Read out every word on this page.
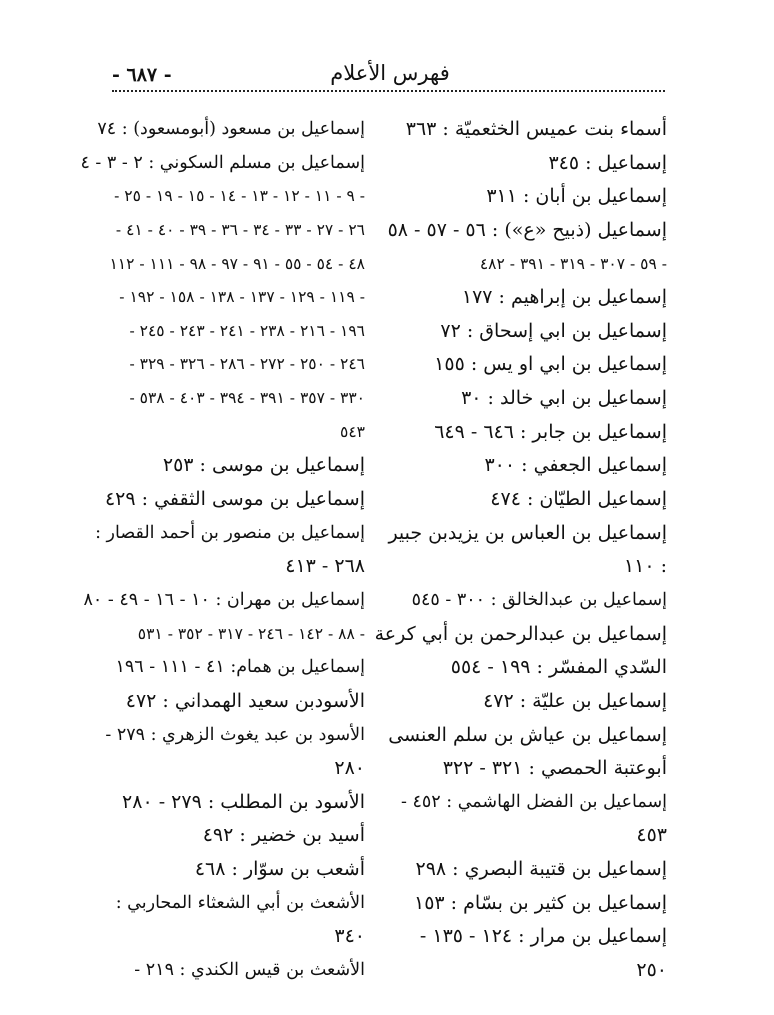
- ٦٨٧ -	فهرس الأعلام
أسماء بنت عميس الخثعميّة : ٣٦٣
إسماعيل : ٣٤٥
إسماعيل بن أبان : ٣١١
إسماعيل (ذبيح «ع») : ٥٦ - ٥٧ - ٥٨
- ٥٩ - ٣٠٧ - ٣١٩ - ٣٩١ - ٤٨٢
إسماعيل بن إبراهيم : ١٧٧
إسماعيل بن ابي إسحاق : ٧٢
إسماعيل بن ابي او يس : ١٥٥
إسماعيل بن ابي خالد : ٣٠
إسماعيل بن جابر : ٦٤٦ - ٦٤٩
إسماعيل الجعفي : ٣٠٠
إسماعيل الطيّان : ٤٧٤
إسماعيل بن العباس بن يزيدبن جبير
: ١١٠
إسماعيل بن عبدالخالق : ٣٠٠ - ٥٤٥
إسماعيل بن عبدالرحمن بن أبي كرعة
السّدي المفسّر : ١٩٩ - ٥٥٤
إسماعيل بن عليّة : ٤٧٢
إسماعيل بن عياش بن سلم العنسى
أبوعتبة الحمصي : ٣٢١ - ٣٢٢
إسماعيل بن الفضل الهاشمي : ٤٥٢ -
٤٥٣
إسماعيل بن قتيبة البصري : ٢٩٨
إسماعيل بن كثير بن بسّام : ١٥٣
إسماعيل بن مرار : ١٢٤ - ١٣٥ -
٢٥٠
إسماعيل بن مسعود (أبومسعود) : ٧٤
إسماعيل بن مسلم السكوني : ٢ - ٣ - ٤
- ٩ - ١١ - ١٢ - ١٣ - ١٤ - ١٥ - ١٩ - ٢٥ -
٢٦ - ٢٧ - ٣٣ - ٣٤ - ٣٦ - ٣٩ - ٤٠ - ٤١ -
٤٨ - ٥٤ - ٥٥ - ٩١ - ٩٧ - ٩٨ - ١١١ - ١١٢
- ١١٩ - ١٢٩ - ١٣٧ - ١٣٨ - ١٥٨ - ١٩٢ -
١٩٦ - ٢١٦ - ٢٣٨ - ٢٤١ - ٢٤٣ - ٢٤٥ -
٢٤٦ - ٢٥٠ - ٢٧٢ - ٢٨٦ - ٣٢٦ - ٣٢٩ -
٣٣٠ - ٣٥٧ - ٣٩١ - ٣٩٤ - ٤٠٣ - ٥٣٨ -
٥٤٣
إسماعيل بن موسى : ٢٥٣
إسماعيل بن موسى الثقفي : ٤٢٩
إسماعيل بن منصور بن أحمد القصار :
٢٦٨ - ٤١٣
إسماعيل بن مهران : ١٠ - ١٦ - ٤٩ - ٨٠
- ٨٨ - ١٤٢ - ٢٤٦ - ٣١٧ - ٣٥٢ - ٥٣١
إسماعيل بن همام: ٤١ - ١١١ - ١٩٦
الأسودبن سعيد الهمداني : ٤٧٢
الأسود بن عبد يغوث الزهري : ٢٧٩ -
٢٨٠
الأسود بن المطلب : ٢٧٩ - ٢٨٠
أسيد بن خضير : ٤٩٢
أشعب بن سوّار : ٤٦٨
الأشعث بن أبي الشعثاء المحاربي :
٣٤٠
الأشعث بن قيس الكندي : ٢١٩ -
